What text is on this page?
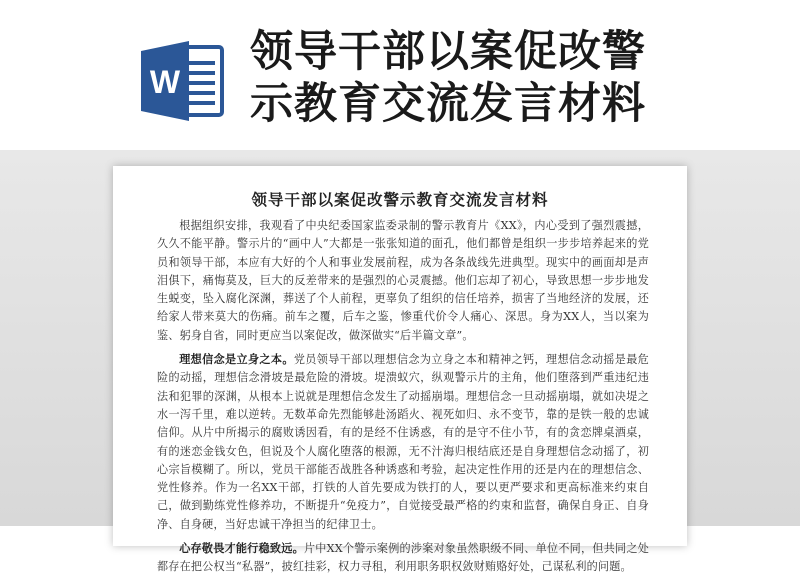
W
领导干部以案促改警
示教育交流发言材料
领导干部以案促改警示教育交流发言材料

根据组织安排，我观看了中央纪委国家监委录制的警示教育片《XX》，内心受到了强烈震撼，久久不能平静。警示片的“画中人”大都是一张张知道的面孔，他们都曾是组织一步步培养起来的党员和领导干部，本应有大好的个人和事业发展前程，成为各条战线先进典型。现实中的画面却是声泪俱下，痛悔莫及，巨大的反差带来的是强烈的心灵震撼。他们忘却了初心，导致思想一步步地发生蜕变，坠入腐化深渊，葬送了个人前程，更辜负了组织的信任培养，损害了当地经济的发展，还给家人带来莫大的伤痛。前车之覆，后车之鉴，惨重代价令人痛心、深思。身为XX人，当以案为鉴、躬身自省，同时更应当以案促改，做深做实“后半篇文章”。

理想信念是立身之本。党员领导干部以理想信念为立身之本和精神之钙，理想信念动摇是最危险的动摇，理想信念滑坡是最危险的滑坡。堤溃蚁穴，纵观警示片的主角，他们堕落到严重违纪违法和犯罪的深渊，从根本上说就是理想信念发生了动摇崩塌。理想信念一旦动摇崩塌，就如决堤之水一泻千里，难以逆转。无数革命先烈能够赴汤蹈火、视死如归、永不变节，靠的是铁一般的忠诚信仰。从片中所揭示的腐败诱因看，有的是经不住诱惑，有的是守不住小节，有的贪恋牌桌酒桌，有的迷恋金钱女色，但说及个人腐化堕落的根源，无不汁海归根结底还是自身理想信念动摇了，初心宗旨模糊了。所以，党员干部能否战胜各种诱惑和考验，起决定性作用的还是内在的理想信念、党性修养。作为一名XX干部，打铁的人首先要成为铁打的人，要以更严要求和更高标准来约束自己，做到勤练党性修养功，不断提升“免疫力”，自觉接受最严格的约束和监督，确保自身正、自身净、自身硬，当好忠诚干净担当的纪律卫士。

心存敬畏才能行稳致远。片中XX个警示案例的涉案对象虽然职级不同、单位不同，但共同之处都存在把公权当“私器”，披红挂彩，权力寻租，利用职务职权敛财贿赂好处，己谋私利的问题。
